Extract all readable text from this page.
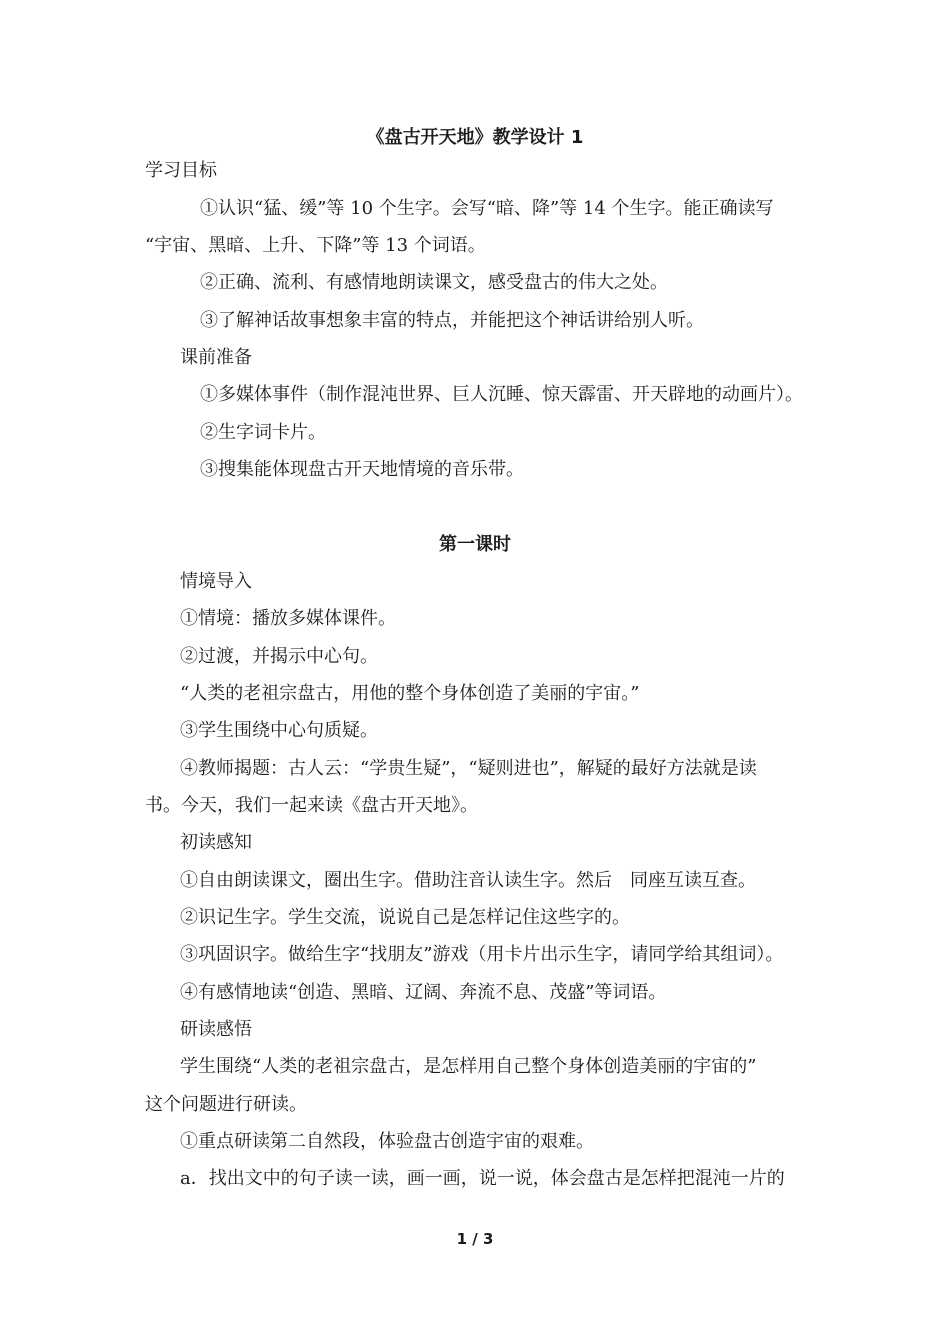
《盘古开天地》教学设计 1
学习目标
①认识“猛、缓”等 10 个生字。会写“暗、降”等 14 个生字。能正确读写
“宇宙、黑暗、上升、下降”等 13 个词语。
②正确、流利、有感情地朗读课文，感受盘古的伟大之处。
③了解神话故事想象丰富的特点，并能把这个神话讲给别人听。
课前准备
①多媒体事件（制作混沌世界、巨人沉睡、惊天霹雷、开天辟地的动画片）。
②生字词卡片。
③搜集能体现盘古开天地情境的音乐带。
第一课时
情境导入
①情境：播放多媒体课件。
②过渡，并揭示中心句。
“人类的老祖宗盘古，用他的整个身体创造了美丽的宇宙。”
③学生围绕中心句质疑。
④教师揭题：古人云：“学贵生疑”，“疑则进也”，解疑的最好方法就是读
书。今天，我们一起来读《盘古开天地》。
初读感知
①自由朗读课文，圈出生字。借助注音认读生字。然后　同座互读互查。
②识记生字。学生交流，说说自己是怎样记住这些字的。
③巩固识字。做给生字“找朋友”游戏（用卡片出示生字，请同学给其组词）。
④有感情地读“创造、黑暗、辽阔、奔流不息、茂盛”等词语。
研读感悟
学生围绕“人类的老祖宗盘古，是怎样用自己整个身体创造美丽的宇宙的”
这个问题进行研读。
①重点研读第二自然段，体验盘古创造宇宙的艰难。
a．找出文中的句子读一读，画一画，说一说，体会盘古是怎样把混沌一片的
1 / 3
